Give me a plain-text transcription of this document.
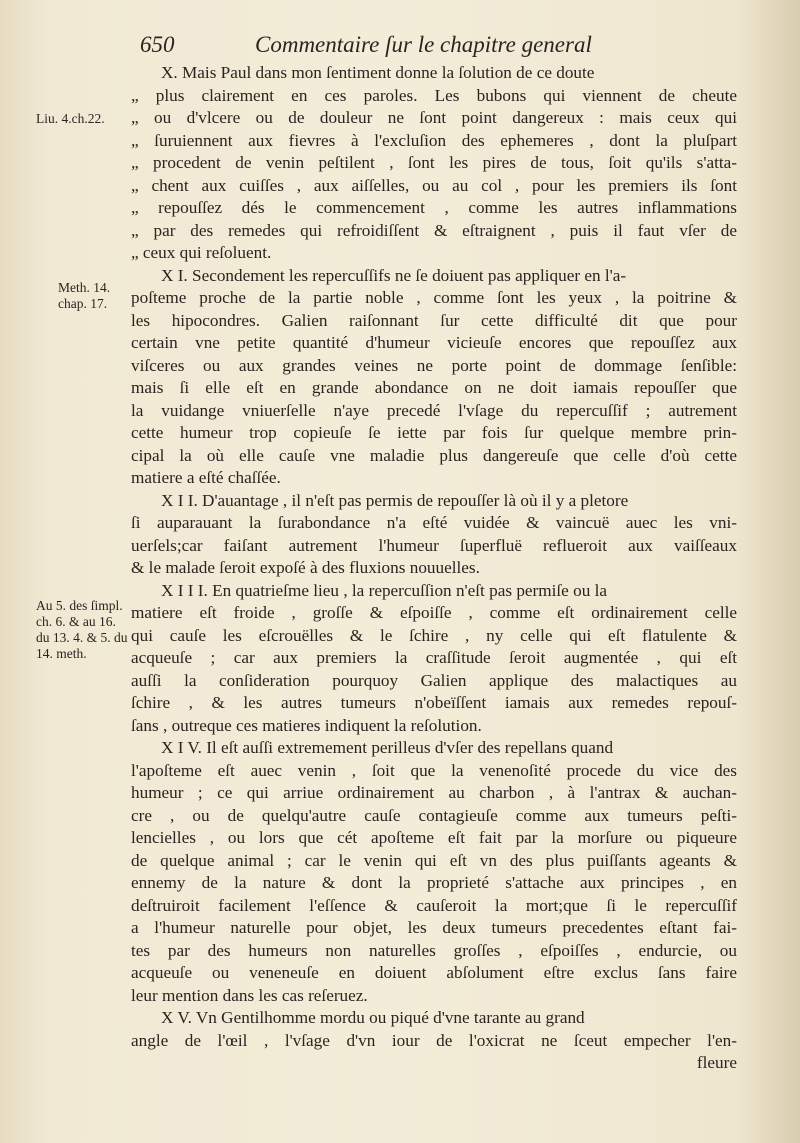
650	Commentaire ſur le chapitre general
Liu. 4.ch.22.
Meth. 14. chap. 17.
Au 5. des ſimpl. ch. 6. & au 16. du 13. 4. & 5. du 14. meth.
X. Mais Paul dans mon ſentiment donne la ſolution de ce doute
„ plus clairement en ces paroles. Les bubons qui viennent de cheute
„ ou d'vlcere ou de douleur ne ſont point dangereux : mais ceux qui
„ ſuruiennent aux fievres à l'excluſion des ephemeres , dont la pluſpart
„ procedent de venin peſtilent , ſont les pires de tous, ſoit qu'ils s'atta-
„ chent aux cuiſſes , aux aiſſelles, ou au col , pour les premiers ils ſont
„ repouſſez dés le commencement , comme les autres inflammations
„ par des remedes qui refroidiſſent & eſtraignent , puis il faut vſer de
„ ceux qui reſoluent.
X I. Secondement les repercuſſifs ne ſe doiuent pas appliquer en l'a-
poſteme proche de la partie noble , comme ſont les yeux , la poitrine &
les hipocondres. Galien raiſonnant ſur cette difficulté dit que pour
certain vne petite quantité d'humeur vicieuſe encores que repouſſez aux
viſceres ou aux grandes veines ne porte point de dommage ſenſible:
mais ſi elle eſt en grande abondance on ne doit iamais repouſſer que
la vuidange vniuerſelle n'aye precedé l'vſage du repercuſſif ; autrement
cette humeur trop copieuſe ſe iette par fois ſur quelque membre prin-
cipal la où elle cauſe vne maladie plus dangereuſe que celle d'où cette
matiere a eſté chaſſée.
X I I. D'auantage , il n'eſt pas permis de repouſſer là où il y a pletore
ſi auparauant la ſurabondance n'a eſté vuidée & vaincuë auec les vni-
uerſels;car faiſant autrement l'humeur ſuperfluë reflueroit aux vaiſſeaux
& le malade ſeroit expoſé à des fluxions nouuelles.
X I I I. En quatrieſme lieu , la repercuſſion n'eſt pas permiſe ou la
matiere eſt froide , groſſe & eſpoiſſe , comme eſt ordinairement celle
qui cauſe les eſcrouëlles & le ſchire , ny celle qui eſt flatulente &
acqueuſe ; car aux premiers la craſſitude ſeroit augmentée , qui eſt
auſſi la conſideration pourquoy Galien applique des malactiques au
ſchire , & les autres tumeurs n'obeïſſent iamais aux remedes repouſ-
ſans , outreque ces matieres indiquent la reſolution.
X I V. Il eſt auſſi extremement perilleus d'vſer des repellans quand
l'apoſteme eſt auec venin , ſoit que la venenoſité procede du vice des
humeur ; ce qui arriue ordinairement au charbon , à l'antrax & auchan-
cre , ou de quelqu'autre cauſe contagieuſe comme aux tumeurs peſti-
lencielles , ou lors que cét apoſteme eſt fait par la morſure ou piqueure
de quelque animal ; car le venin qui eſt vn des plus puiſſants ageants &
ennemy de la nature & dont la proprieté s'attache aux principes , en
deſtruiroit facilement l'eſſence & cauſeroit la mort;que ſi le repercuſſif
a l'humeur naturelle pour objet, les deux tumeurs precedentes eſtant fai-
tes par des humeurs non naturelles groſſes , eſpoiſſes , endurcie, ou
acqueuſe ou veneneuſe en doiuent abſolument eſtre exclus ſans faire
leur mention dans les cas reſeruez.
X V. Vn Gentilhomme mordu ou piqué d'vne tarante au grand
angle de l'œil , l'vſage d'vn iour de l'oxicrat ne ſceut empecher l'en-
fleure
